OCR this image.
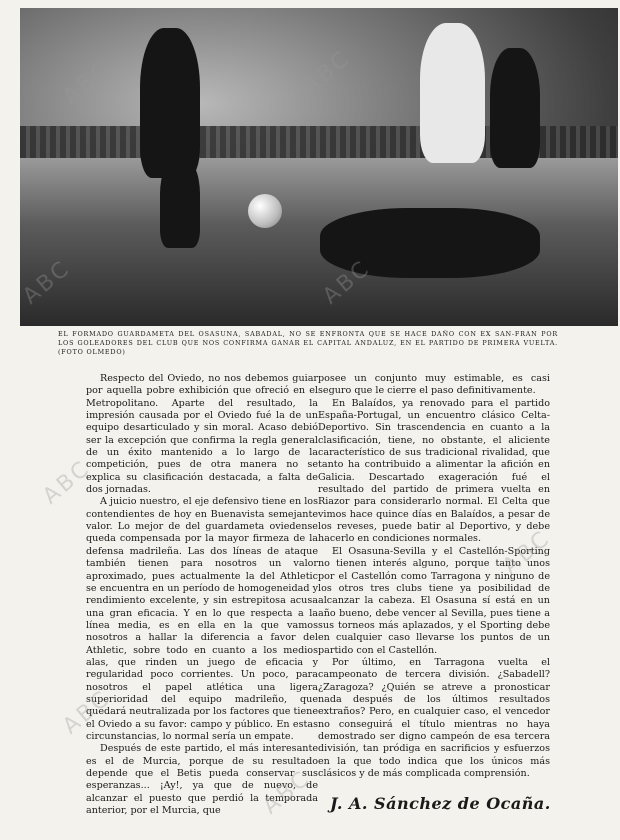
EL FORMADO GUARDAMETA DEL OSASUNA, SABADAL, NO SE ENFRONTA QUE SE HACE DAÑO CON EX SAN-FRAN POR LOS GOLEADORES DEL CLUB QUE NOS CONFIRMA GANAR EL CAPITAL ANDALUZ, EN EL PARTIDO DE PRIMERA VUELTA. (FOTO OLMEDO)

Respecto del Oviedo, no nos debemos guiar por aquella pobre exhibición que ofreció en el Metropolitano. Aparte del resultado, la impresión causada por el Oviedo fué la de un equipo desarticulado y sin moral. Acaso debió ser la excepción que confirma la regla general de un éxito mantenido a lo largo de la competición, pues de otra manera no se explica su clasificación destacada, a falta de dos jornadas.

A juicio nuestro, el eje defensivo tiene en los contendientes de hoy en Buenavista semejante valor. Lo mejor de del guardameta oviedense queda compensada por la mayor firmeza de la defensa madrileña. Las dos líneas de ataque también tienen para nosotros un valor aproximado, pues actualmente la del Athletic se encuentra en un período de homogeneidad y rendimiento excelente, y sin estrepitosa acusa una gran eficacia. Y en lo que respecta a la línea media, es en ella en la que vamos nosotros a hallar la diferencia a favor del Athletic, sobre todo en cuanto a los medios alas, que rinden un juego de eficacia y regularidad poco corrientes. Un poco, para nosotros el papel atlética una ligera superioridad del equipo madrileño, que quedará neutralizada por los factores que tiene el Oviedo a su favor: campo y público. En estas circunstancias, lo normal sería un empate.

Después de este partido, el más interesante es el de Murcia, porque de su resultado depende que el Betis pueda conservar sus esperanzas... ¡Ay!, ya que de nuevo, de alcanzar el puesto que perdió la temporada anterior, por el Murcia, que

posee un conjunto muy estimable, es casi seguro que le cierre el paso definitivamente.

En Balaídos, ya renovado para el partido España-Portugal, un encuentro clásico Celta-Deportivo. Sin trascendencia en cuanto a la clasificación, tiene, no obstante, el aliciente característico de sus tradicional rivalidad, que tanto ha contribuido a alimentar la afición en Galicia. Descartado exageración fué el resultado del partido de primera vuelta en Riazor para considerarlo normal. El Celta que vimos hace quince días en Balaídos, a pesar de los reveses, puede batir al Deportivo, y debe hacerlo en condiciones normales.

El Osasuna-Sevilla y el Castellón-Sporting no tienen interés alguno, porque tanto unos por el Castellón como Tarragona y ninguno de los otros tres clubs tiene ya posibilidad de alcanzar la cabeza. El Osasuna sí está en un año bueno, debe vencer al Sevilla, pues tiene a sus torneos más aplazados, y el Sporting debe en cualquier caso llevarse los puntos de un partido con el Castellón.

Por último, en Tarragona vuelta el campeonato de tercera división. ¿Sabadell? ¿Zaragoza? ¿Quién se atreve a pronosticar nada después de los últimos resultados extraños? Pero, en cualquier caso, el vencedor no conseguirá el título mientras no haya demostrado ser digno campeón de esa tercera división, tan pródiga en sacrificios y esfuerzos en la que todo indica que los únicos más clásicos y de más complicada comprensión.

J. A. Sánchez de Ocaña.
ABC	ABC
ABC	ABC
ABC
ABC
ABC
ABC
